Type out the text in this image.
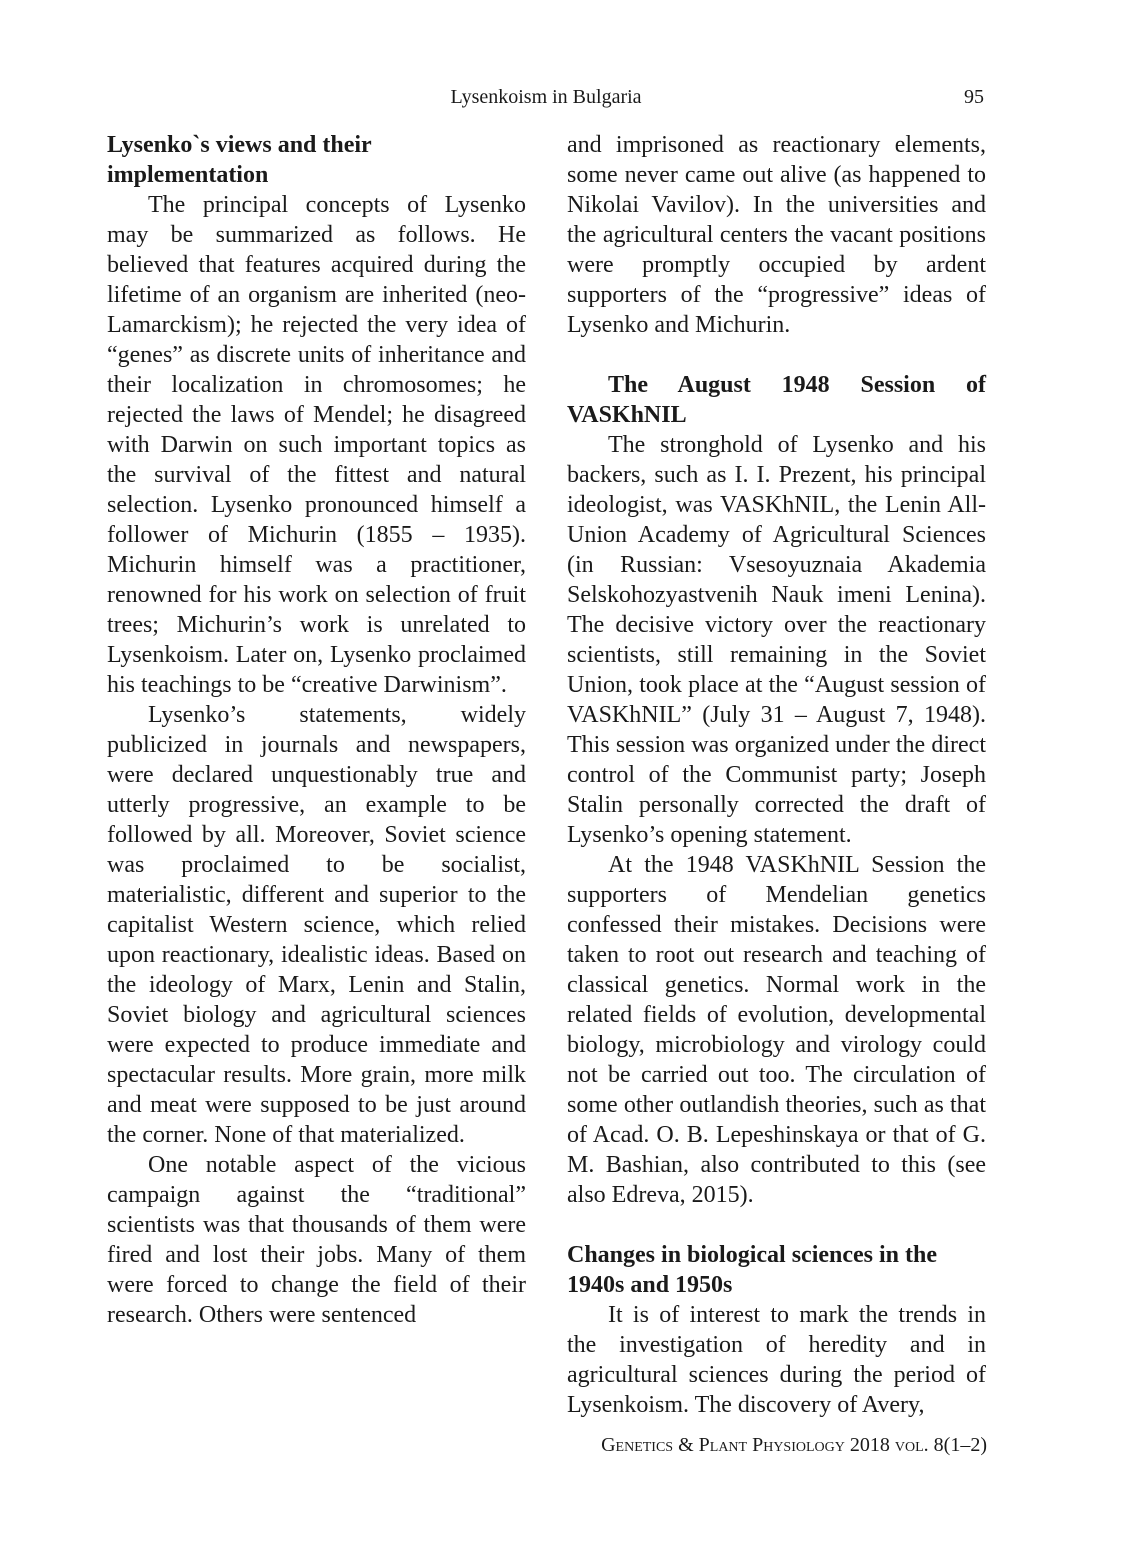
Lysenkoism in Bulgaria	95
Lysenko`s views and their implementation

The principal concepts of Lysenko may be summarized as follows. He believed that features acquired during the lifetime of an organism are inherited (neo-Lamarckism); he rejected the very idea of “genes” as discrete units of inheritance and their localization in chromosomes; he rejected the laws of Mendel; he disagreed with Darwin on such important topics as the survival of the fittest and natural selection. Lysenko pronounced himself a follower of Michurin (1855 – 1935). Michurin himself was a practitioner, renowned for his work on selection of fruit trees; Michurin’s work is unrelated to Lysenkoism. Later on, Lysenko proclaimed his teachings to be “creative Darwinism”.

Lysenko’s statements, widely publicized in journals and newspapers, were declared unquestionably true and utterly progressive, an example to be followed by all. Moreover, Soviet science was proclaimed to be socialist, materialistic, different and superior to the capitalist Western science, which relied upon reactionary, idealistic ideas. Based on the ideology of Marx, Lenin and Stalin, Soviet biology and agricultural sciences were expected to produce immediate and spectacular results. More grain, more milk and meat were supposed to be just around the corner. None of that materialized.

One notable aspect of the vicious campaign against the “traditional” scientists was that thousands of them were fired and lost their jobs. Many of them were forced to change the field of their research. Others were sentenced

and imprisoned as reactionary elements, some never came out alive (as happened to Nikolai Vavilov). In the universities and the agricultural centers the vacant positions were promptly occupied by ardent supporters of the “progressive” ideas of Lysenko and Michurin.

The August 1948 Session of VASKhNIL

The stronghold of Lysenko and his backers, such as I. I. Prezent, his principal ideologist, was VASKhNIL, the Lenin All-Union Academy of Agricultural Sciences (in Russian: Vsesoyuznaia Akademia Selskohozyastvenih Nauk imeni Lenina). The decisive victory over the reactionary scientists, still remaining in the Soviet Union, took place at the “August session of VASKhNIL” (July 31 – August 7, 1948). This session was organized under the direct control of the Communist party; Joseph Stalin personally corrected the draft of Lysenko’s opening statement.

At the 1948 VASKhNIL Session the supporters of Mendelian genetics confessed their mistakes. Decisions were taken to root out research and teaching of classical genetics. Normal work in the related fields of evolution, developmental biology, microbiology and virology could not be carried out too. The circulation of some other outlandish theories, such as that of Acad. O. B. Lepeshinskaya or that of G. M. Bashian, also contributed to this (see also Edreva, 2015).

Changes in biological sciences in the 1940s and 1950s

It is of interest to mark the trends in the investigation of heredity and in agricultural sciences during the period of Lysenkoism. The discovery of Avery,

Genetics & Plant Physiology 2018 vol. 8(1–2)
